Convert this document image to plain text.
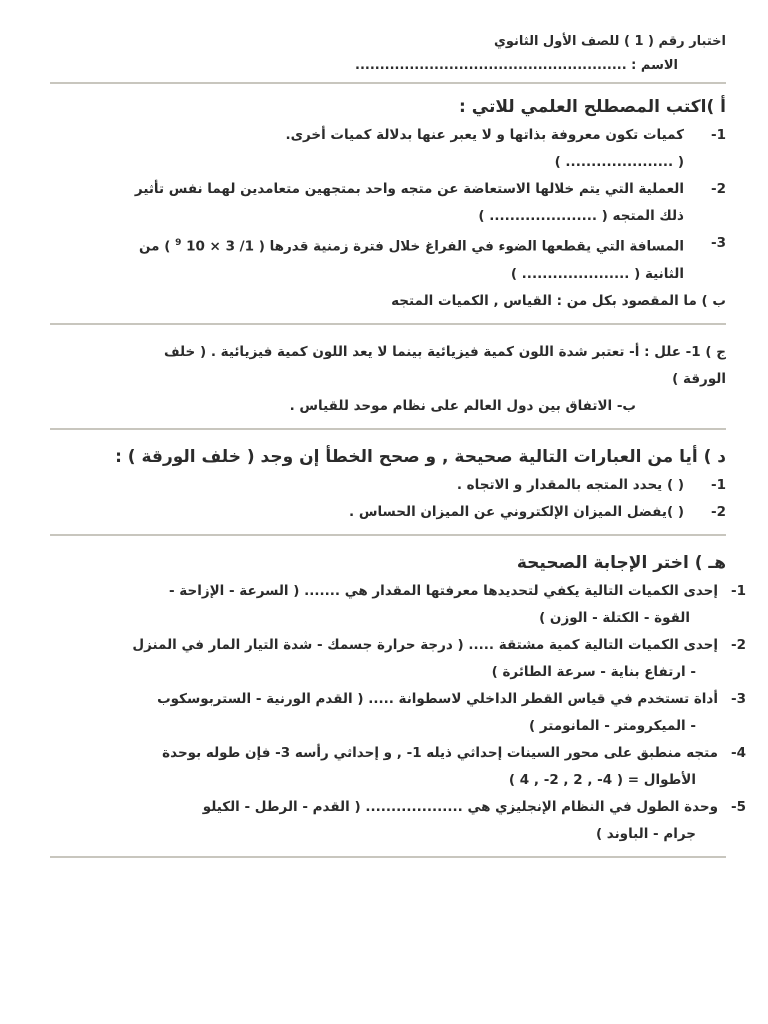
اختبار رقم ( 1 ) للصف الأول الثانوي
الاسم : .......................................................
أ )اكتب المصطلح العلمي للاتي :
1-
كميات تكون معروفة بذاتها و لا يعبر عنها بدلالة كميات أخرى.
( ..................... )
2-
العملية التي يتم خلالها الاستعاضة عن متجه واحد بمتجهين متعامدين لهما نفس تأثير
ذلك المتجه ( ..................... )
3-
المسافة التي يقطعها الضوء في الفراغ خلال فترة زمنية قدرها ( 1/ 3 × 10 $^9$ ) من
الثانية ( ..................... )
ب ) ما المقصود بكل من : القياس , الكميات المتجه
ج ) 1- علل : أ- تعتبر شدة اللون كمية فيزيائية بينما لا يعد اللون كمية فيزيائية . ( خلف
الورقة )
ب- الاتفاق بين دول العالم على نظام موحد للقياس .
د ) أيا من العبارات التالية صحيحة , و صحح الخطأ إن وجد ( خلف الورقة ) :
1-
( ) يحدد المتجه بالمقدار و الاتجاه .
2-
( )يفضل الميزان الإلكتروني عن الميزان الحساس .
هـ ) اختر الإجابة الصحيحة
1-
إحدى الكميات التالية يكفي لتحديدها معرفتها المقدار هي ....... ( السرعة - الإزاحة -
القوة - الكتلة - الوزن )
2-
إحدى الكميات التالية كمية مشتقة ..... ( درجة حرارة جسمك - شدة التيار المار في المنزل
- ارتفاع بناية - سرعة الطائرة )
3-
أداة تستخدم في قياس القطر الداخلي لاسطوانة ..... ( القدم الورنية - الستربوسكوب
- الميكرومتر - المانومتر )
4-
متجه منطبق على محور السينات إحداثي ذيله 1- , و إحداثي رأسه 3- فإن طوله بوحدة
الأطوال = ( 4- , 2 , 2- , 4 )
5-
وحدة الطول في النظام الإنجليزي هي ................... ( القدم - الرطل - الكيلو
جرام - الباوند )
